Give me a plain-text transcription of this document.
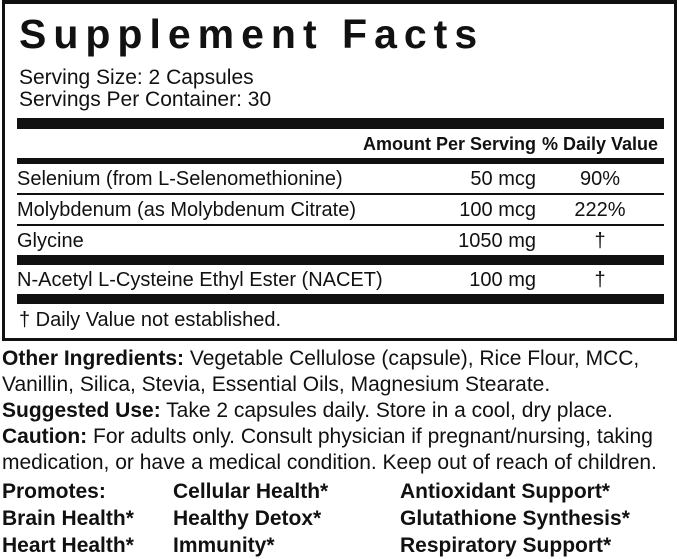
Supplement Facts
Serving Size: 2 Capsules
Servings Per Container: 30
Amount Per Serving % Daily Value
Selenium (from L-Selenomethionine)	50 mcg	90%
Molybdenum (as Molybdenum Citrate)	100 mcg	222%
Glycine	1050 mg	†
N-Acetyl L-Cysteine Ethyl Ester (NACET)	100 mg	†
† Daily Value not established.

Other Ingredients: Vegetable Cellulose (capsule), Rice Flour, MCC, Vanillin, Silica, Stevia, Essential Oils, Magnesium Stearate.

Suggested Use: Take 2 capsules daily. Store in a cool, dry place.

Caution: For adults only. Consult physician if pregnant/nursing, taking medication, or have a medical condition. Keep out of reach of children.

Promotes:	Cellular Health*	Antioxidant Support*
Brain Health*	Healthy Detox*	Glutathione Synthesis*
Heart Health*	Immunity*	Respiratory Support*
